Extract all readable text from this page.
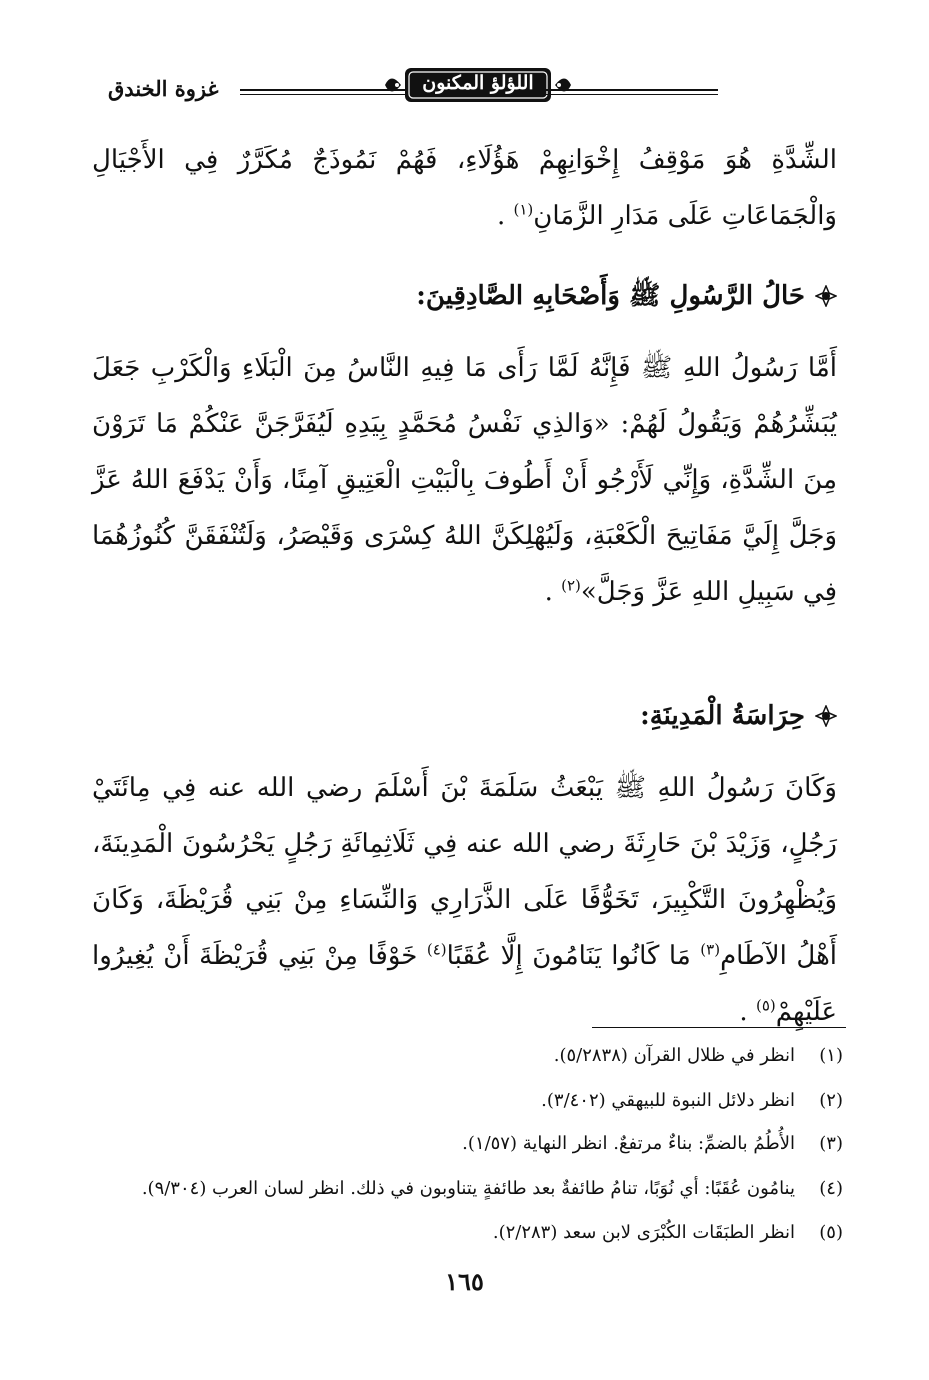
غزوة الخندق	اللؤلؤ المكنون
الشِّدَّةِ هُوَ مَوْقِفُ إِخْوَانِهِمْ هَؤُلَاءِ، فَهُمْ نَمُوذَجٌ مُكَرَّرٌ فِي الأَجْيَالِ وَالْجَمَاعَاتِ عَلَى مَدَارِ الزَّمَانِ$^{(١)}$ .
حَالُ الرَّسُولِ ﷺ وَأَصْحَابِهِ الصَّادِقِينَ:
أَمَّا رَسُولُ اللهِ ﷺ فَإِنَّهُ لَمَّا رَأَى مَا فِيهِ النَّاسُ مِنَ الْبَلَاءِ وَالْكَرْبِ جَعَلَ يُبَشِّرُهُمْ وَيَقُولُ لَهُمْ: «وَالذِي نَفْسُ مُحَمَّدٍ بِيَدِهِ لَيُفَرَّجَنَّ عَنْكُمْ مَا تَرَوْنَ مِنَ الشِّدَّةِ، وَإِنِّي لَأَرْجُو أَنْ أَطُوفَ بِالْبَيْتِ الْعَتِيقِ آمِنًا، وَأَنْ يَدْفَعَ اللهُ عَزَّ وَجَلَّ إِلَيَّ مَفَاتِيحَ الْكَعْبَةِ، وَلَيُهْلِكَنَّ اللهُ كِسْرَى وَقَيْصَرُ، وَلَتُنْفَقَنَّ كُنُوزُهُمَا فِي سَبِيلِ اللهِ عَزَّ وَجَلَّ»$^{(٢)}$ .
حِرَاسَةُ الْمَدِينَةِ:
وَكَانَ رَسُولُ اللهِ ﷺ يَبْعَثُ سَلَمَةَ بْنَ أَسْلَمَ رضي الله عنه فِي مِائَتَيْ رَجُلٍ، وَزَيْدَ بْنَ حَارِثَةَ رضي الله عنه فِي ثَلَاثِمِائَةِ رَجُلٍ يَحْرُسُونَ الْمَدِينَةَ، وَيُظْهِرُونَ التَّكْبِيرَ، تَخَوُّفًا عَلَى الذَّرَارِي وَالنِّسَاءِ مِنْ بَنِي قُرَيْظَةَ، وَكَانَ أَهْلُ الآطَامِ$^{(٣)}$ مَا كَانُوا يَنَامُونَ إِلَّا عُقَبًا$^{(٤)}$ خَوْفًا مِنْ بَنِي قُرَيْظَةَ أَنْ يُغِيرُوا عَلَيْهِمْ$^{(٥)}$ .
(١)
انظر في ظلال القرآن (٥/٢٨٣٨).
(٢)
انظر دلائل النبوة للبيهقي (٣/٤٠٢).
(٣)
الأُطُمُ بالضمِّ: بناءٌ مرتفعٌ. انظر النهاية (١/٥٧).
(٤)
ينامُون عُقَبًا: أي نُوَبًا، تنامُ طائفةٌ بعد طائفةٍ يتناوبون في ذلك. انظر لسان العرب (٩/٣٠٤).
(٥)
انظر الطبَقَات الكُبْرَى لابن سعد (٢/٢٨٣).
١٦٥
